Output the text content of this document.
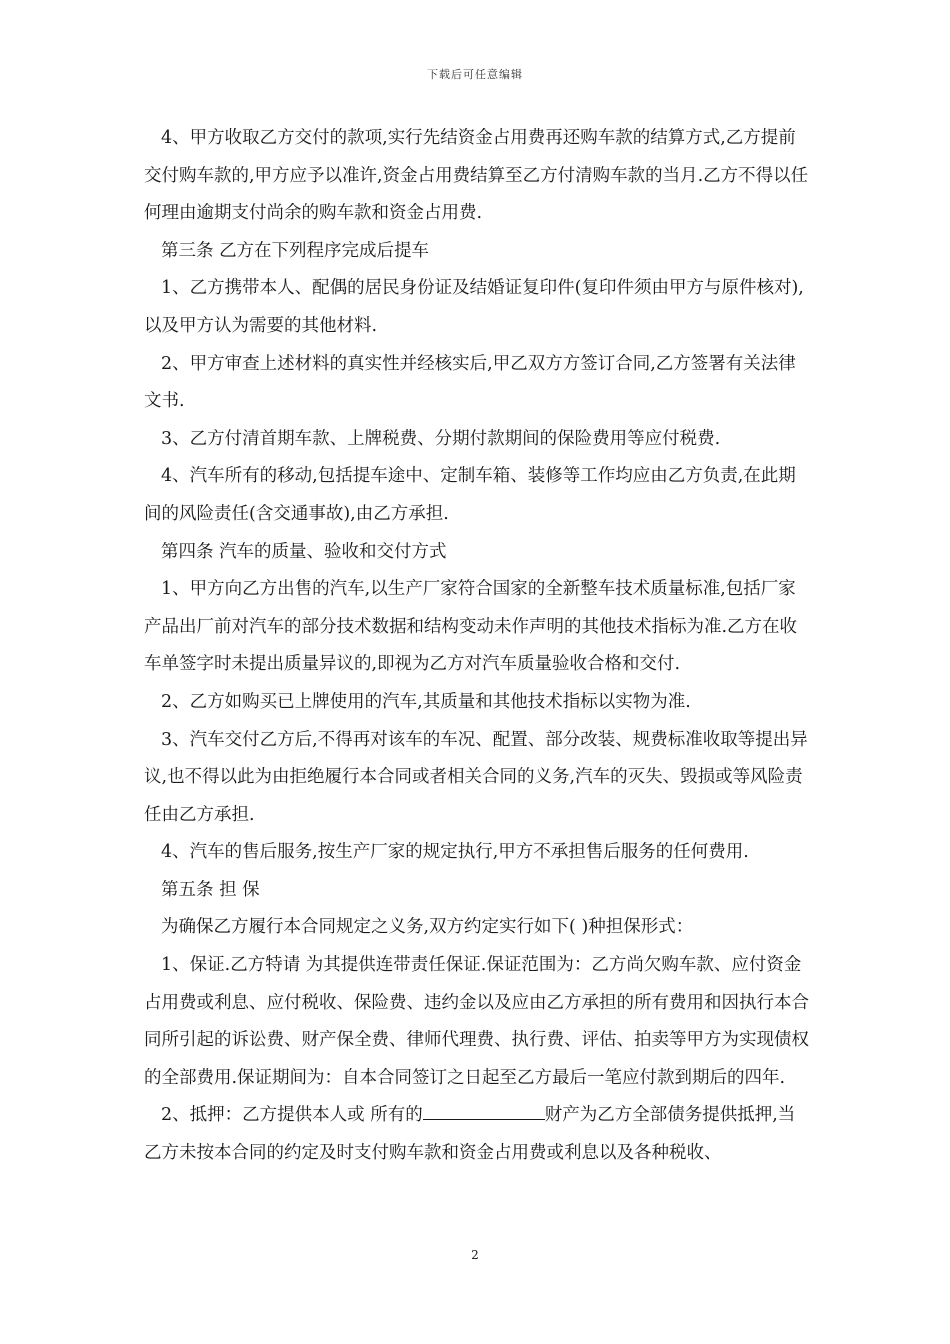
下载后可任意编辑

4、甲方收取乙方交付的款项,实行先结资金占用费再还购车款的结算方式,乙方提前交付购车款的,甲方应予以准许,资金占用费结算至乙方付清购车款的当月.乙方不得以任何理由逾期支付尚余的购车款和资金占用费.

第三条 乙方在下列程序完成后提车

1、乙方携带本人、配偶的居民身份证及结婚证复印件(复印件须由甲方与原件核对),以及甲方认为需要的其他材料.

2、甲方审查上述材料的真实性并经核实后,甲乙双方方签订合同,乙方签署有关法律文书.

3、乙方付清首期车款、上牌税费、分期付款期间的保险费用等应付税费.

4、汽车所有的移动,包括提车途中、定制车箱、装修等工作均应由乙方负责,在此期间的风险责任(含交通事故),由乙方承担.

第四条 汽车的质量、验收和交付方式

1、甲方向乙方出售的汽车,以生产厂家符合国家的全新整车技术质量标准,包括厂家产品出厂前对汽车的部分技术数据和结构变动未作声明的其他技术指标为准.乙方在收车单签字时未提出质量异议的,即视为乙方对汽车质量验收合格和交付.

2、乙方如购买已上牌使用的汽车,其质量和其他技术指标以实物为准.

3、汽车交付乙方后,不得再对该车的车况、配置、部分改装、规费标准收取等提出异议,也不得以此为由拒绝履行本合同或者相关合同的义务,汽车的灭失、毁损或等风险责任由乙方承担.

4、汽车的售后服务,按生产厂家的规定执行,甲方不承担售后服务的任何费用.

第五条 担 保

为确保乙方履行本合同规定之义务,双方约定实行如下( )种担保形式：

1、保证.乙方特请 为其提供连带责任保证.保证范围为：乙方尚欠购车款、应付资金占用费或利息、应付税收、保险费、违约金以及应由乙方承担的所有费用和因执行本合同所引起的诉讼费、财产保全费、律师代理费、执行费、评估、拍卖等甲方为实现债权的全部费用.保证期间为：自本合同签订之日起至乙方最后一笔应付款到期后的四年.

2、抵押：乙方提供本人或 所有的	财产为乙方全部债务提供抵押,当乙方未按本合同的约定及时支付购车款和资金占用费或利息以及各种税收、

2
